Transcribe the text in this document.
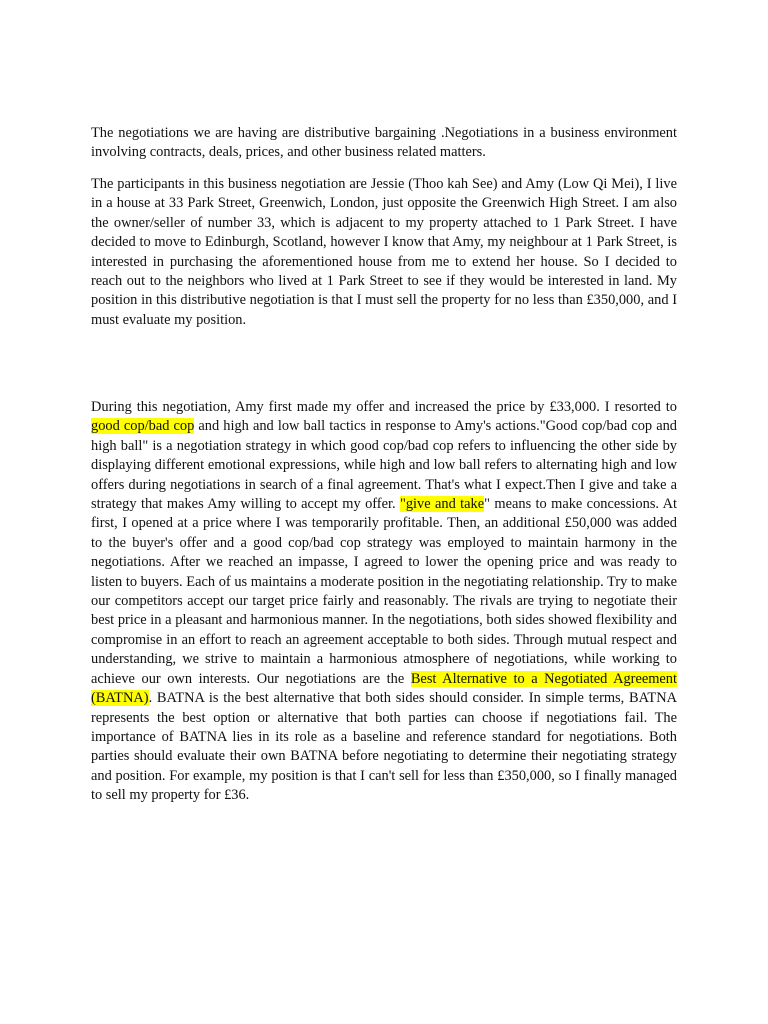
The negotiations we are having are distributive bargaining .Negotiations in a business environment involving contracts, deals, prices, and other business related matters.

The participants in this business negotiation are Jessie (Thoo kah See) and Amy (Low Qi Mei), I live in a house at 33 Park Street, Greenwich, London, just opposite the Greenwich High Street. I am also the owner/seller of number 33, which is adjacent to my property attached to 1 Park Street. I have decided to move to Edinburgh, Scotland, however I know that Amy, my neighbour at 1 Park Street, is interested in purchasing the aforementioned house from me to extend her house. So I decided to reach out to the neighbors who lived at 1 Park Street to see if they would be interested in land. My position in this distributive negotiation is that I must sell the property for no less than £350,000, and I must evaluate my position.

During this negotiation, Amy first made my offer and increased the price by £33,000. I resorted to good cop/bad cop and high and low ball tactics in response to Amy's actions."Good cop/bad cop and high ball" is a negotiation strategy in which good cop/bad cop refers to influencing the other side by displaying different emotional expressions, while high and low ball refers to alternating high and low offers during negotiations in search of a final agreement. That's what I expect.Then I give and take a strategy that makes Amy willing to accept my offer. "give and take" means to make concessions. At first, I opened at a price where I was temporarily profitable. Then, an additional £50,000 was added to the buyer's offer and a good cop/bad cop strategy was employed to maintain harmony in the negotiations. After we reached an impasse, I agreed to lower the opening price and was ready to listen to buyers. Each of us maintains a moderate position in the negotiating relationship. Try to make our competitors accept our target price fairly and reasonably. The rivals are trying to negotiate their best price in a pleasant and harmonious manner. In the negotiations, both sides showed flexibility and compromise in an effort to reach an agreement acceptable to both sides. Through mutual respect and understanding, we strive to maintain a harmonious atmosphere of negotiations, while working to achieve our own interests. Our negotiations are the Best Alternative to a Negotiated Agreement (BATNA). BATNA is the best alternative that both sides should consider. In simple terms, BATNA represents the best option or alternative that both parties can choose if negotiations fail. The importance of BATNA lies in its role as a baseline and reference standard for negotiations. Both parties should evaluate their own BATNA before negotiating to determine their negotiating strategy and position. For example, my position is that I can't sell for less than £350,000, so I finally managed to sell my property for £36.
